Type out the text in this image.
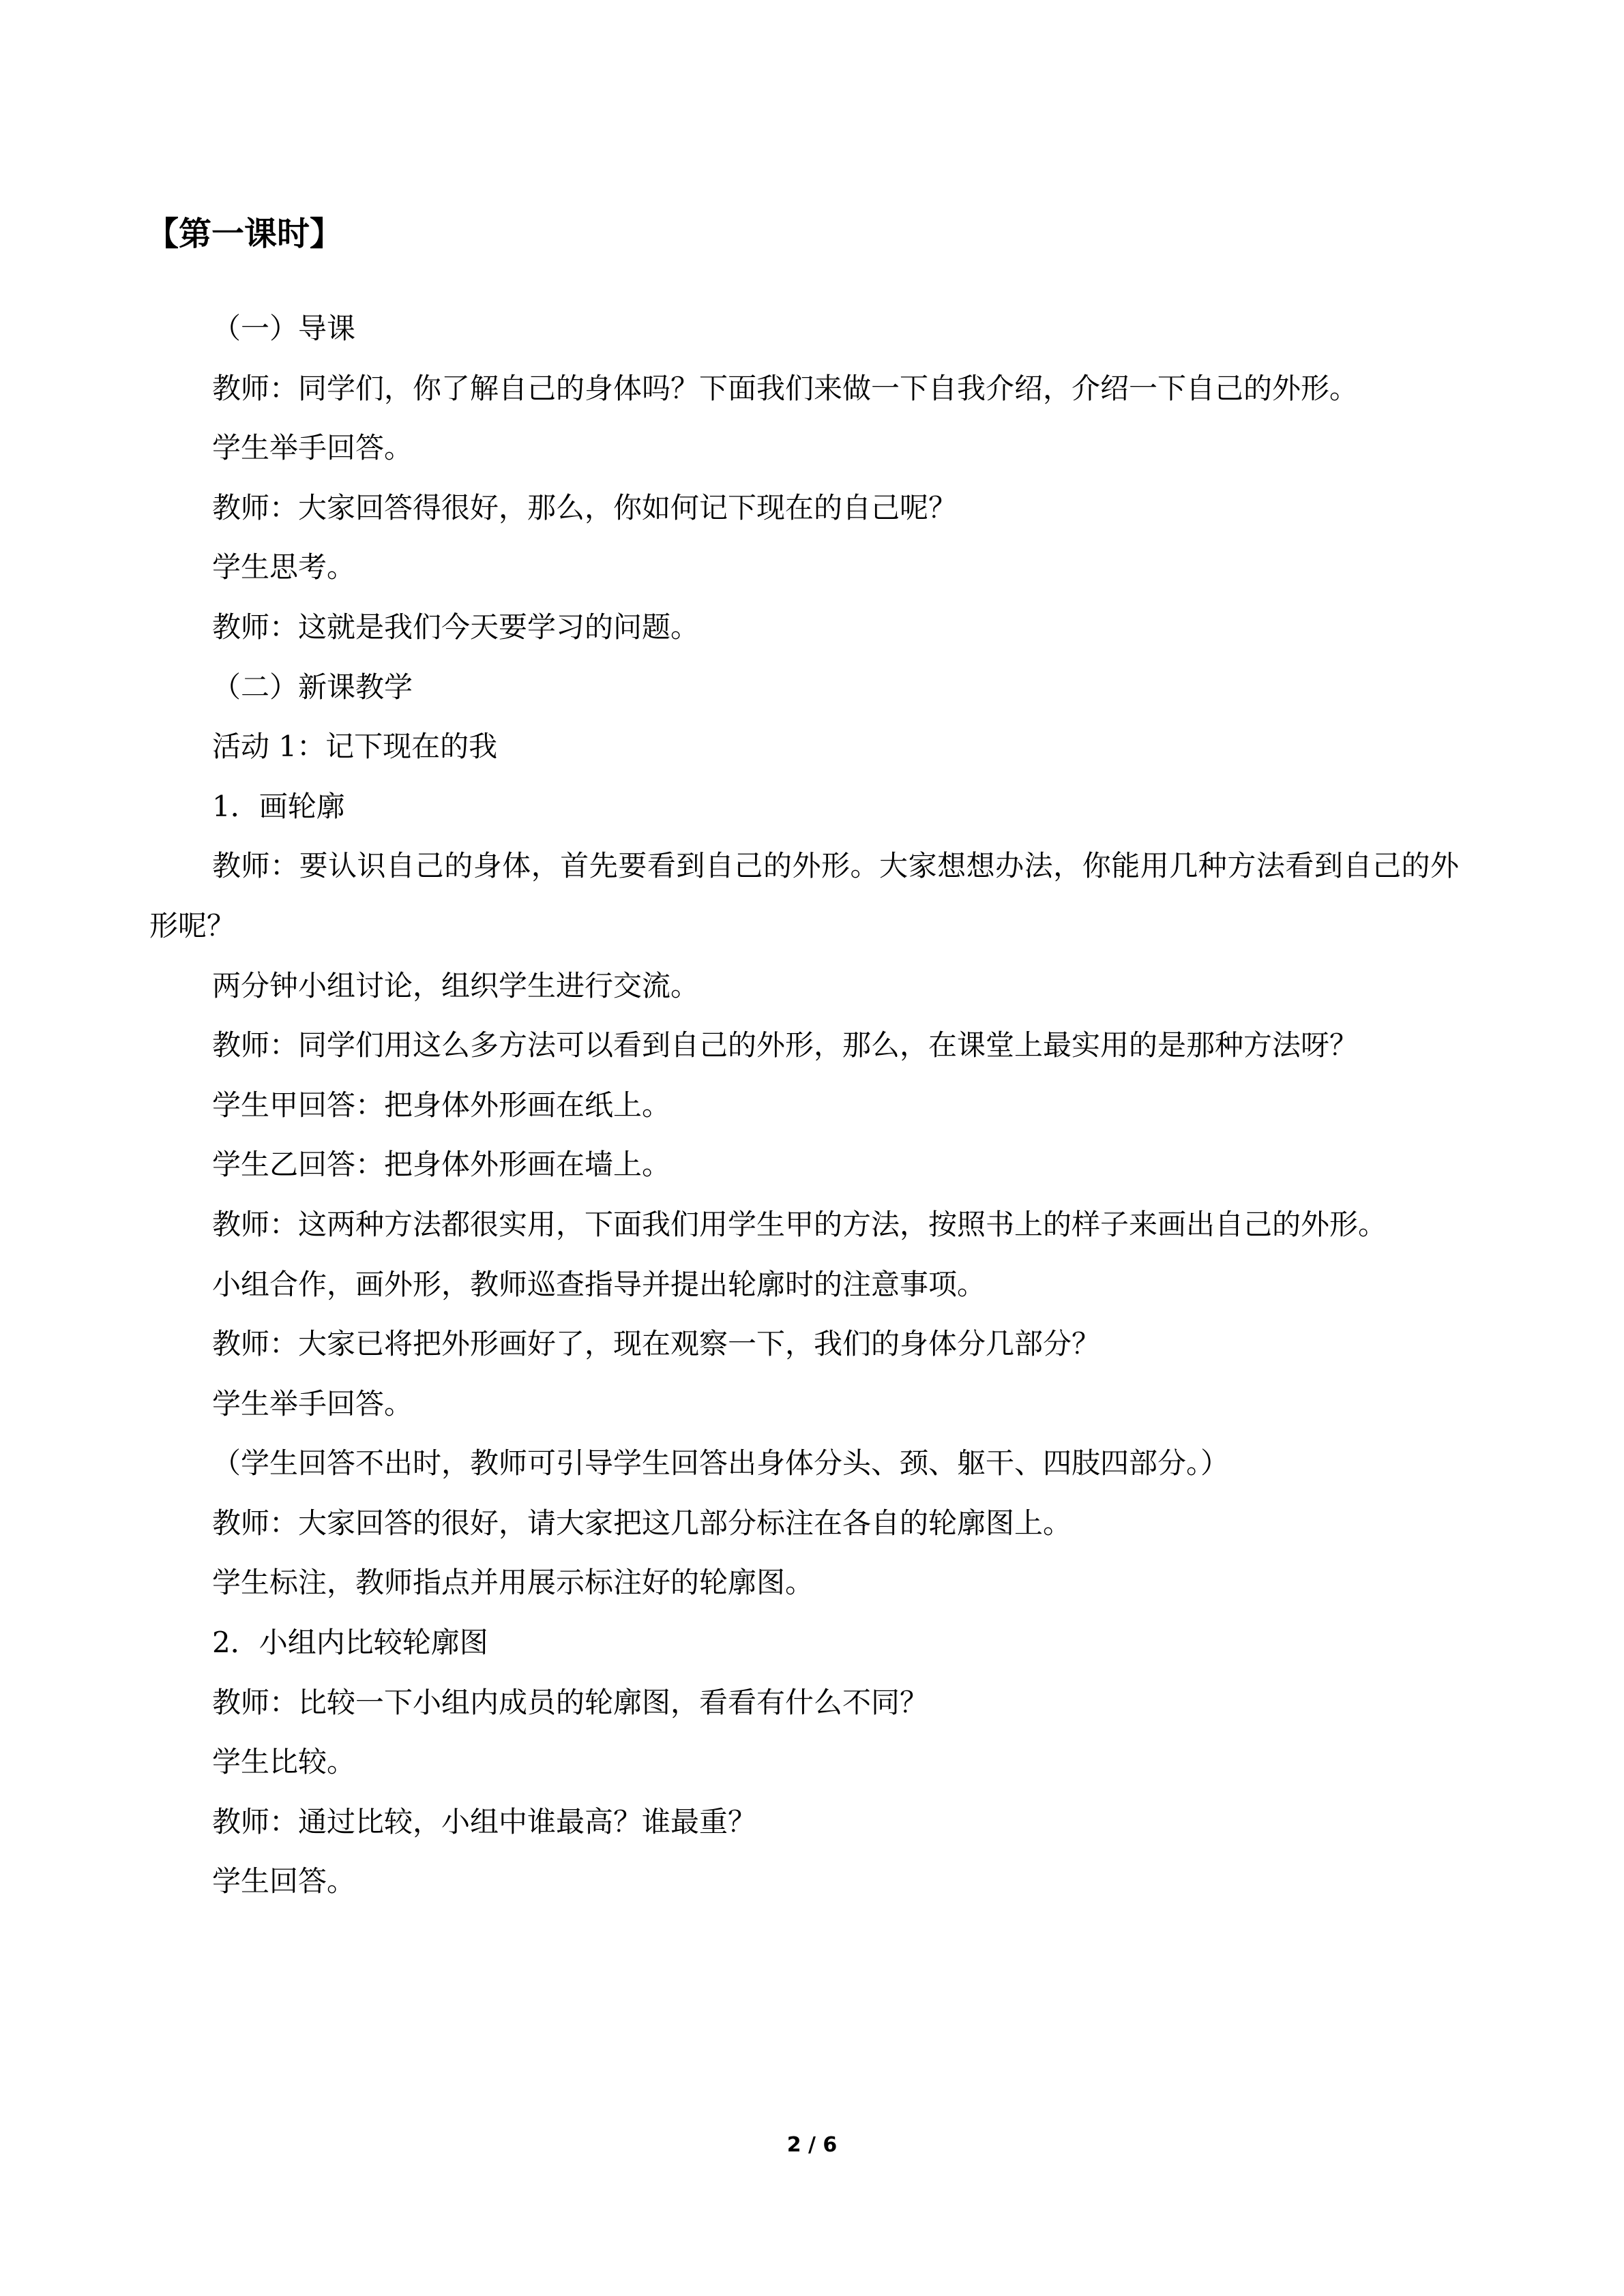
【第一课时】

（一）导课

教师：同学们，你了解自己的身体吗？下面我们来做一下自我介绍，介绍一下自己的外形。

学生举手回答。

教师：大家回答得很好，那么，你如何记下现在的自己呢？

学生思考。

教师：这就是我们今天要学习的问题。

（二）新课教学

活动 1：记下现在的我

1．画轮廓

教师：要认识自己的身体，首先要看到自己的外形。大家想想办法，你能用几种方法看到自己的外形呢？

两分钟小组讨论，组织学生进行交流。

教师：同学们用这么多方法可以看到自己的外形，那么，在课堂上最实用的是那种方法呀？

学生甲回答：把身体外形画在纸上。

学生乙回答：把身体外形画在墙上。

教师：这两种方法都很实用，下面我们用学生甲的方法，按照书上的样子来画出自己的外形。

小组合作，画外形，教师巡查指导并提出轮廓时的注意事项。

教师：大家已将把外形画好了，现在观察一下，我们的身体分几部分？

学生举手回答。

（学生回答不出时，教师可引导学生回答出身体分头、颈、躯干、四肢四部分。）

教师：大家回答的很好，请大家把这几部分标注在各自的轮廓图上。

学生标注，教师指点并用展示标注好的轮廓图。

2．小组内比较轮廓图

教师：比较一下小组内成员的轮廓图，看看有什么不同？

学生比较。

教师：通过比较，小组中谁最高？谁最重？

学生回答。

2 / 6
